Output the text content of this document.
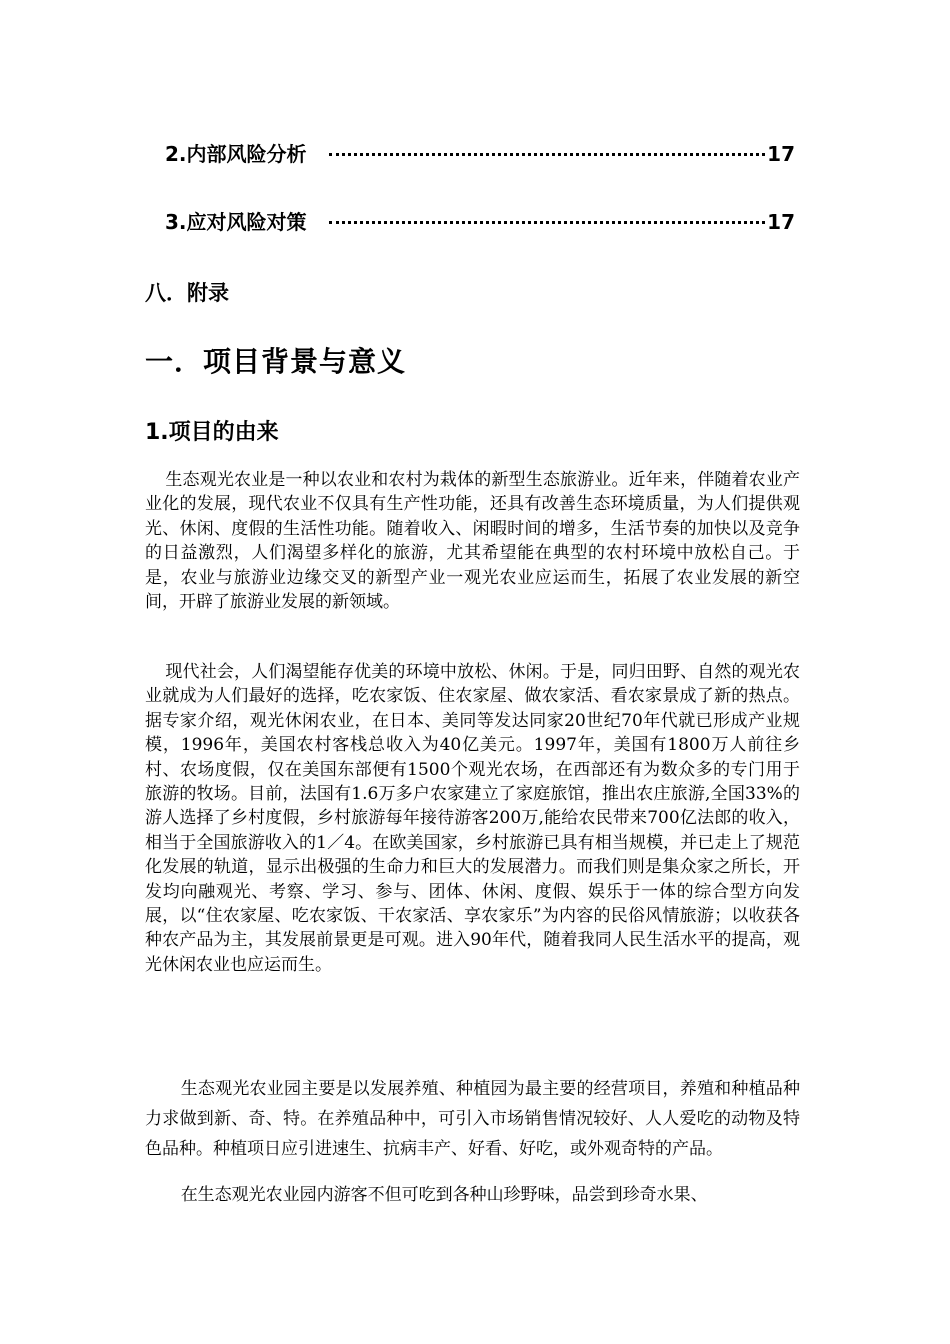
2. 内部风险分析	17
3. 应对风险对策	17
八．附录
一．项目背景与意义
1.项目的由来

生态观光农业是一种以农业和农村为栽体的新型生态旅游业。近年来，伴随着农业产业化的发展，现代农业不仅具有生产性功能，还具有改善生态环境质量，为人们提供观光、休闲、度假的生活性功能。随着收入、闲暇时间的增多，生活节奏的加快以及竞争的日益激烈，人们渴望多样化的旅游，尤其希望能在典型的农村环境中放松自己。于是，农业与旅游业边缘交叉的新型产业一观光农业应运而生，拓展了农业发展的新空间，开辟了旅游业发展的新领域。

现代社会，人们渴望能存优美的环境中放松、休闲。于是，同归田野、自然的观光农业就成为人们最好的选择，吃农家饭、住农家屋、做农家活、看农家景成了新的热点。据专家介绍，观光休闲农业，在日本、美同等发达同家20世纪70年代就已形成产业规模，1996年，美国农村客栈总收入为40亿美元。1997年，美国有1800万人前往乡村、农场度假，仅在美国东部便有1500个观光农场，在西部还有为数众多的专门用于旅游的牧场。目前，法国有1.6万多户农家建立了家庭旅馆，推出农庄旅游,全国33%的游人选择了乡村度假，乡村旅游每年接待游客200万,能给农民带来700亿法郎的收入，相当于全国旅游收入的1／4。在欧美国家，乡村旅游已具有相当规模，并已走上了规范化发展的轨道，显示出极强的生命力和巨大的发展潜力。而我们则是集众家之所长，开发均向融观光、考察、学习、参与、团体、休闲、度假、娱乐于一体的综合型方向发展，以“住农家屋、吃农家饭、干农家活、享农家乐”为内容的民俗风情旅游；以收获各种农产品为主，其发展前景更是可观。进入90年代，随着我同人民生活水平的提高，观光休闲农业也应运而生。

生态观光农业园主要是以发展养殖、种植园为最主要的经营项目，养殖和种植品种力求做到新、奇、特。在养殖品种中，可引入市场销售情况较好、人人爱吃的动物及特色品种。种植项日应引进速生、抗病丰产、好看、好吃，或外观奇特的产品。

在生态观光农业园内游客不但可吃到各种山珍野味，品尝到珍奇水果、
